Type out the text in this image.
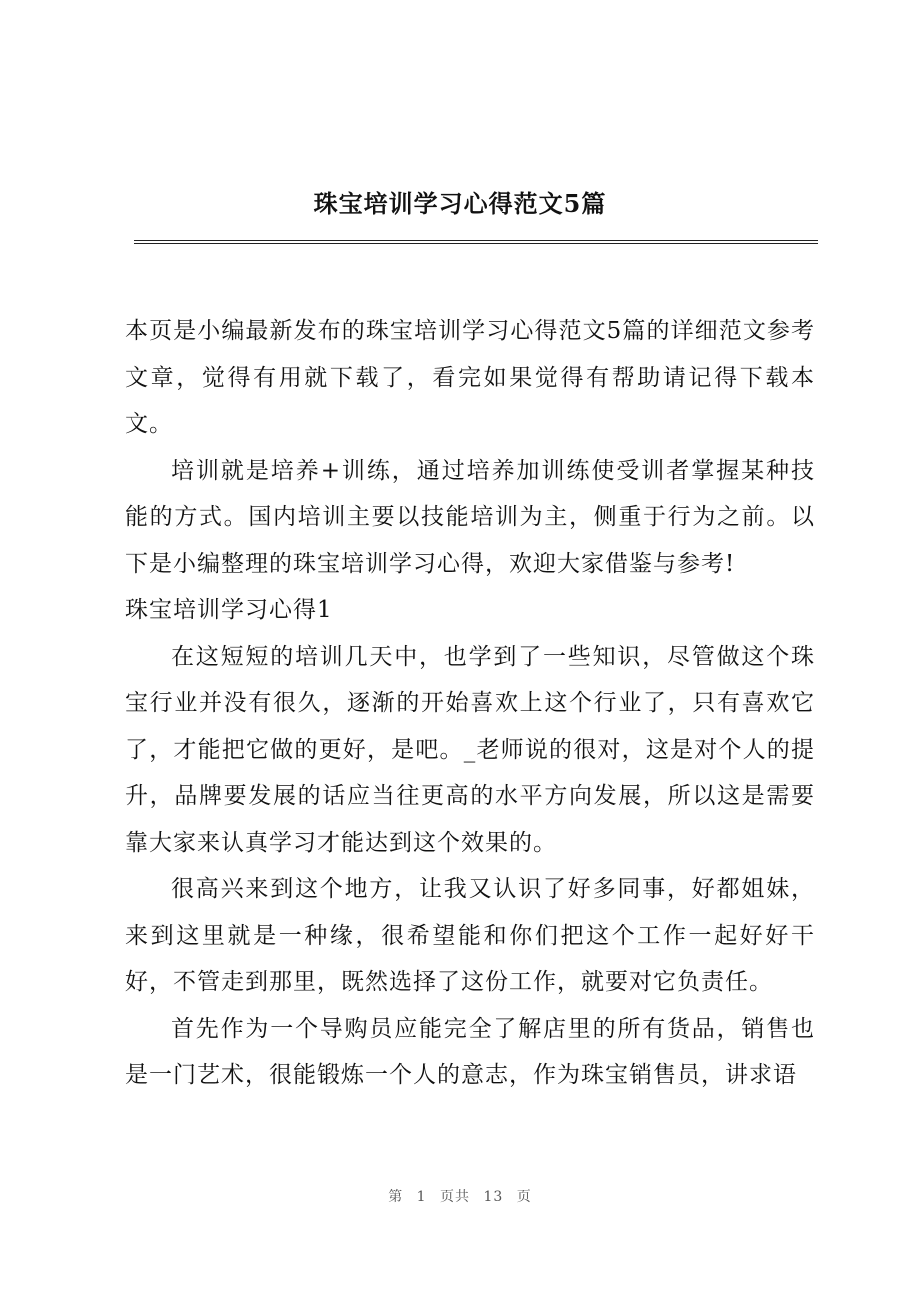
珠宝培训学习心得范文5篇

本页是小编最新发布的珠宝培训学习心得范文5篇的详细范文参考文章，觉得有用就下载了，看完如果觉得有帮助请记得下载本文。

培训就是培养+训练，通过培养加训练使受训者掌握某种技能的方式。国内培训主要以技能培训为主，侧重于行为之前。以下是小编整理的珠宝培训学习心得，欢迎大家借鉴与参考!

珠宝培训学习心得1

在这短短的培训几天中，也学到了一些知识，尽管做这个珠宝行业并没有很久，逐渐的开始喜欢上这个行业了，只有喜欢它了，才能把它做的更好，是吧。_老师说的很对，这是对个人的提升，品牌要发展的话应当往更高的水平方向发展，所以这是需要靠大家来认真学习才能达到这个效果的。

很高兴来到这个地方，让我又认识了好多同事，好都姐妹，来到这里就是一种缘，很希望能和你们把这个工作一起好好干好，不管走到那里，既然选择了这份工作，就要对它负责任。

首先作为一个导购员应能完全了解店里的所有货品，销售也是一门艺术，很能锻炼一个人的意志，作为珠宝销售员，讲求语

第 1 页共 13 页
